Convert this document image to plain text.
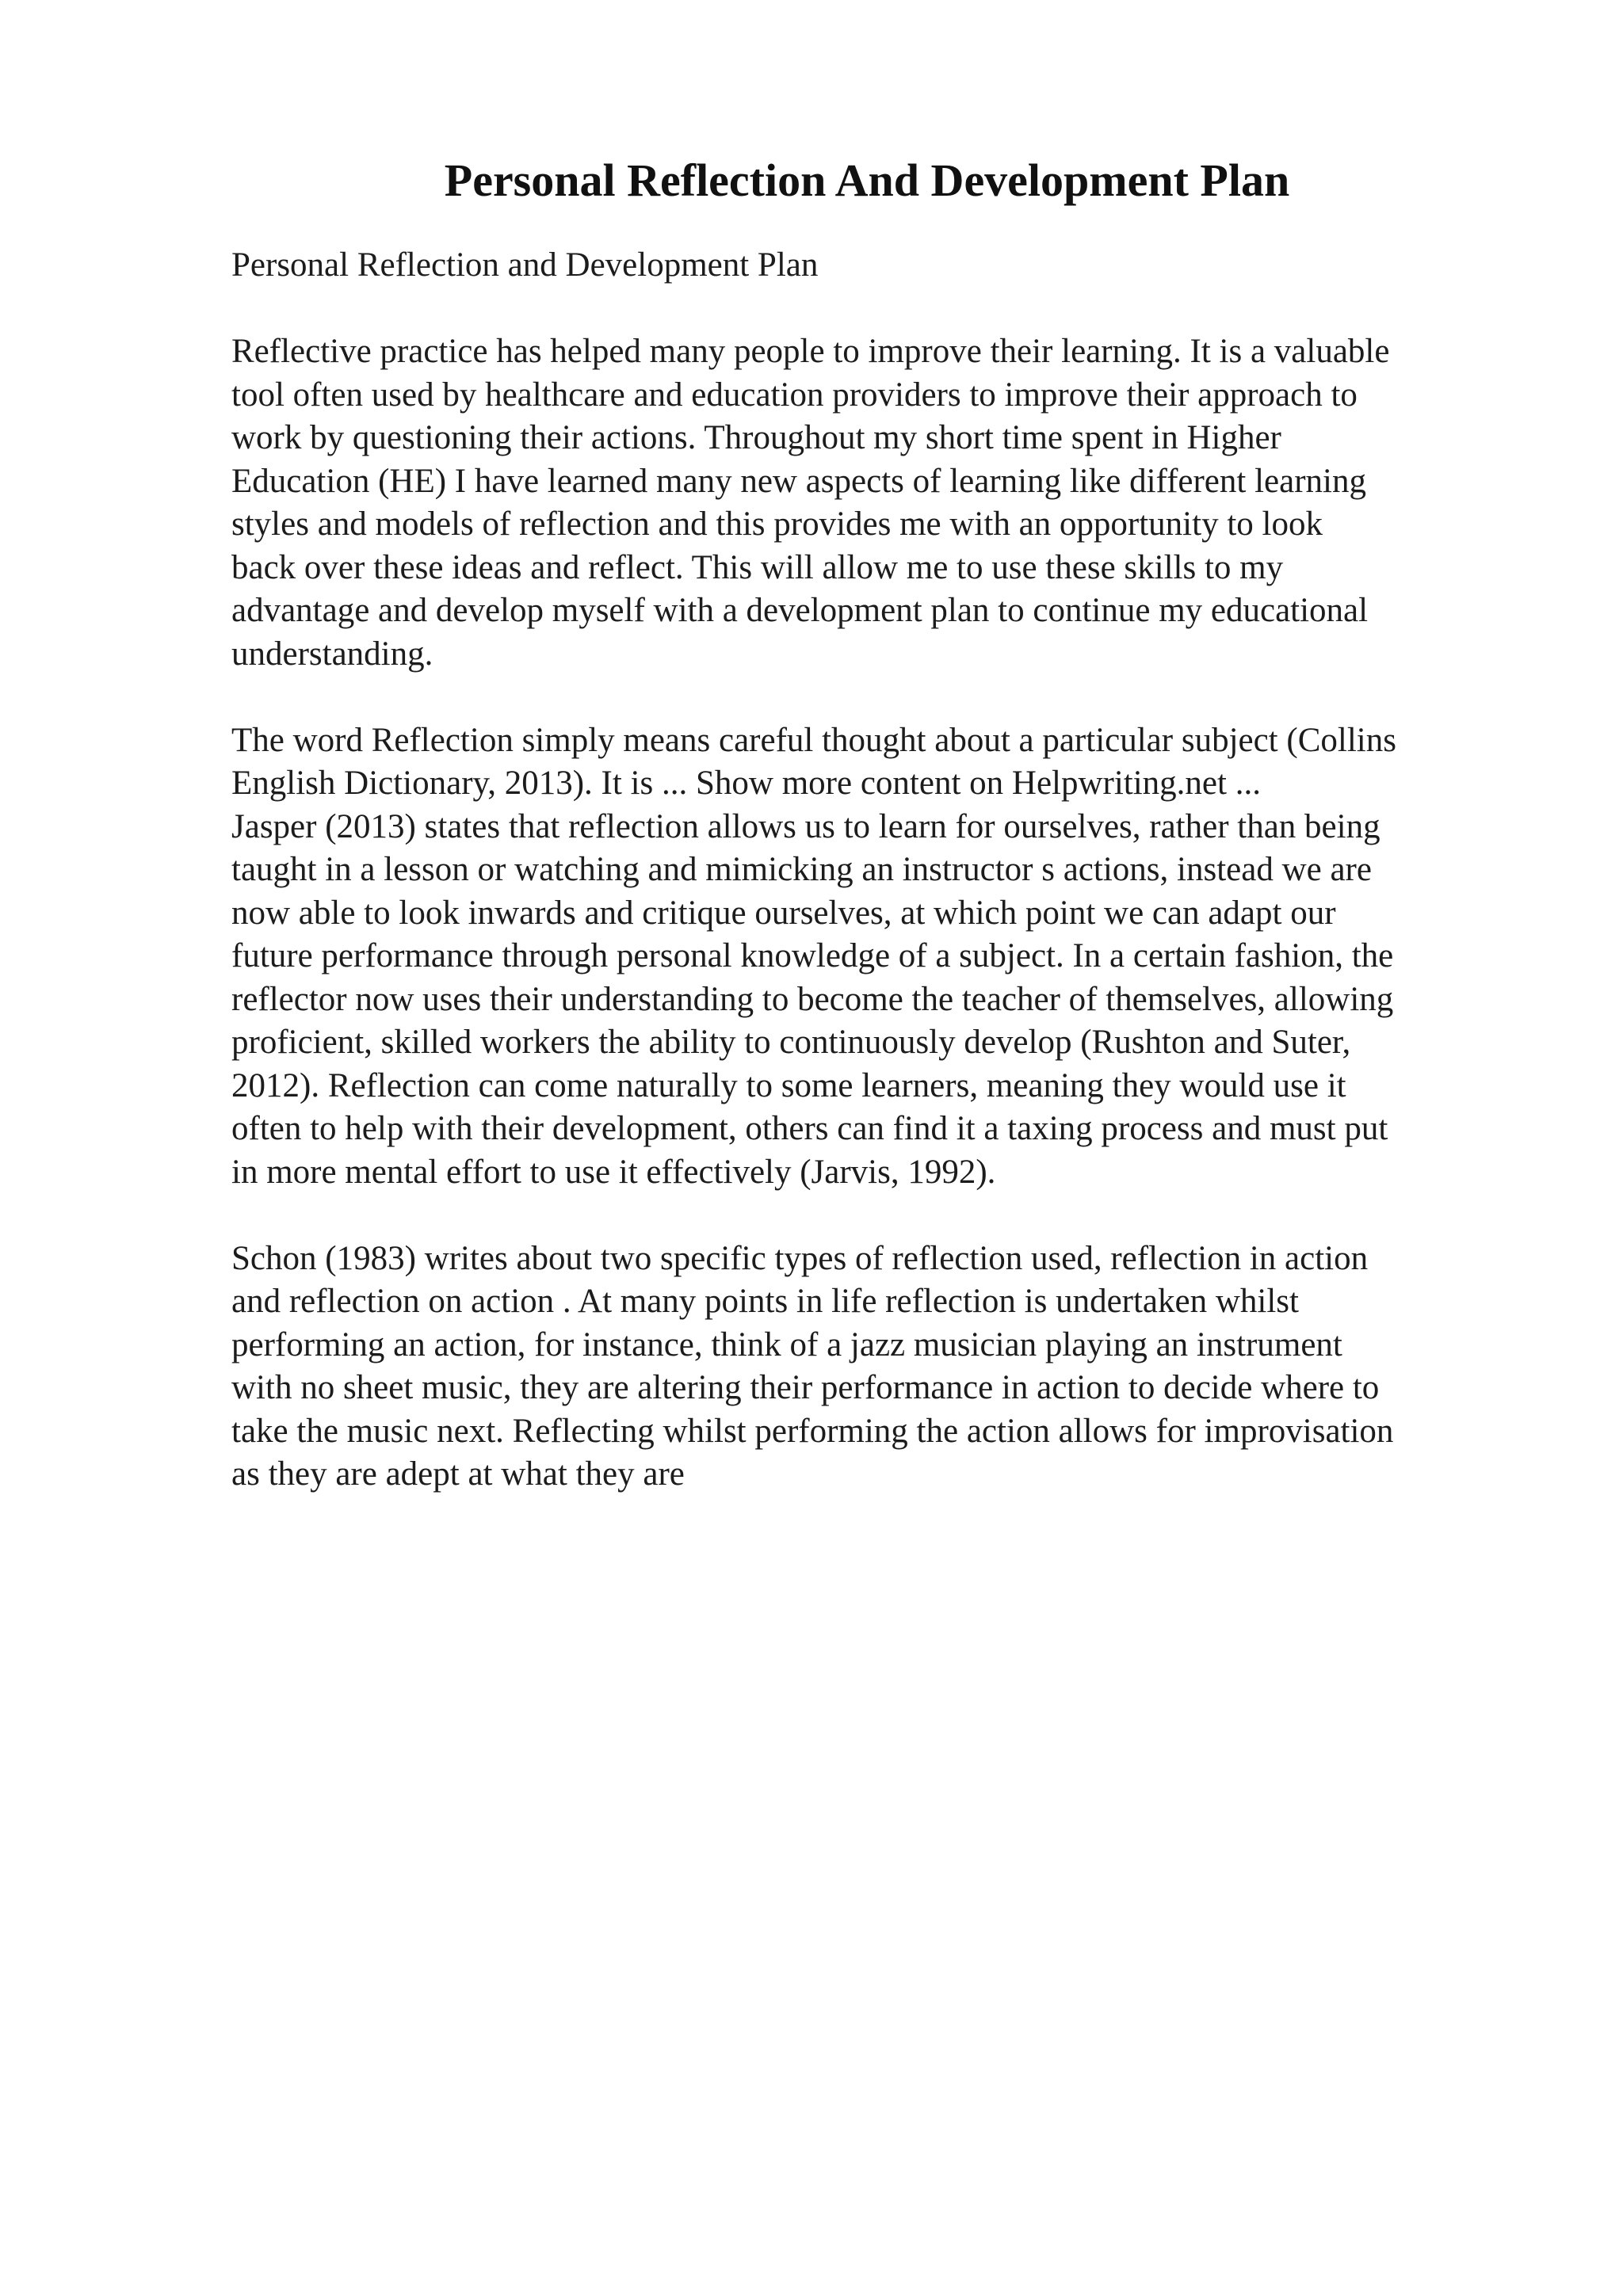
Personal Reflection And Development Plan

Personal Reflection and Development Plan

Reflective practice has helped many people to improve their learning. It is a valuable
tool often used by healthcare and education providers to improve their approach to
work by questioning their actions. Throughout my short time spent in Higher
Education (HE) I have learned many new aspects of learning like different learning
styles and models of reflection and this provides me with an opportunity to look
back over these ideas and reflect. This will allow me to use these skills to my
advantage and develop myself with a development plan to continue my educational
understanding.

The word Reflection simply means careful thought about a particular subject (Collins
English Dictionary, 2013). It is ... Show more content on Helpwriting.net ...
Jasper (2013) states that reflection allows us to learn for ourselves, rather than being
taught in a lesson or watching and mimicking an instructor s actions, instead we are
now able to look inwards and critique ourselves, at which point we can adapt our
future performance through personal knowledge of a subject. In a certain fashion, the
reflector now uses their understanding to become the teacher of themselves, allowing
proficient, skilled workers the ability to continuously develop (Rushton and Suter,
2012). Reflection can come naturally to some learners, meaning they would use it
often to help with their development, others can find it a taxing process and must put
in more mental effort to use it effectively (Jarvis, 1992).

Schon (1983) writes about two specific types of reflection used, reflection in action
and reflection on action . At many points in life reflection is undertaken whilst
performing an action, for instance, think of a jazz musician playing an instrument
with no sheet music, they are altering their performance in action to decide where to
take the music next. Reflecting whilst performing the action allows for improvisation
as they are adept at what they are
